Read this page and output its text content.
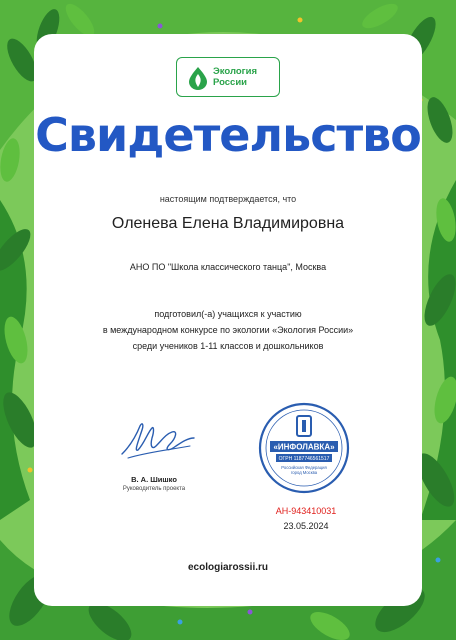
Экология
России
Свидетельство
настоящим подтверждается, что
Оленева Елена Владимировна
АНО ПО "Школа классического танца", Москва
подготовил(-а) учащихся к участию
в международном конкурсе по экологии «Экология России»
среди учеников 1-11 классов и дошкольников
В. А. Шишко
Руководитель проекта
«ИНФОЛАВКА»
ОГРН 1187746561517
Российская Федерация
город Москва
АН-943410031
23.05.2024
ecologiarossii.ru
